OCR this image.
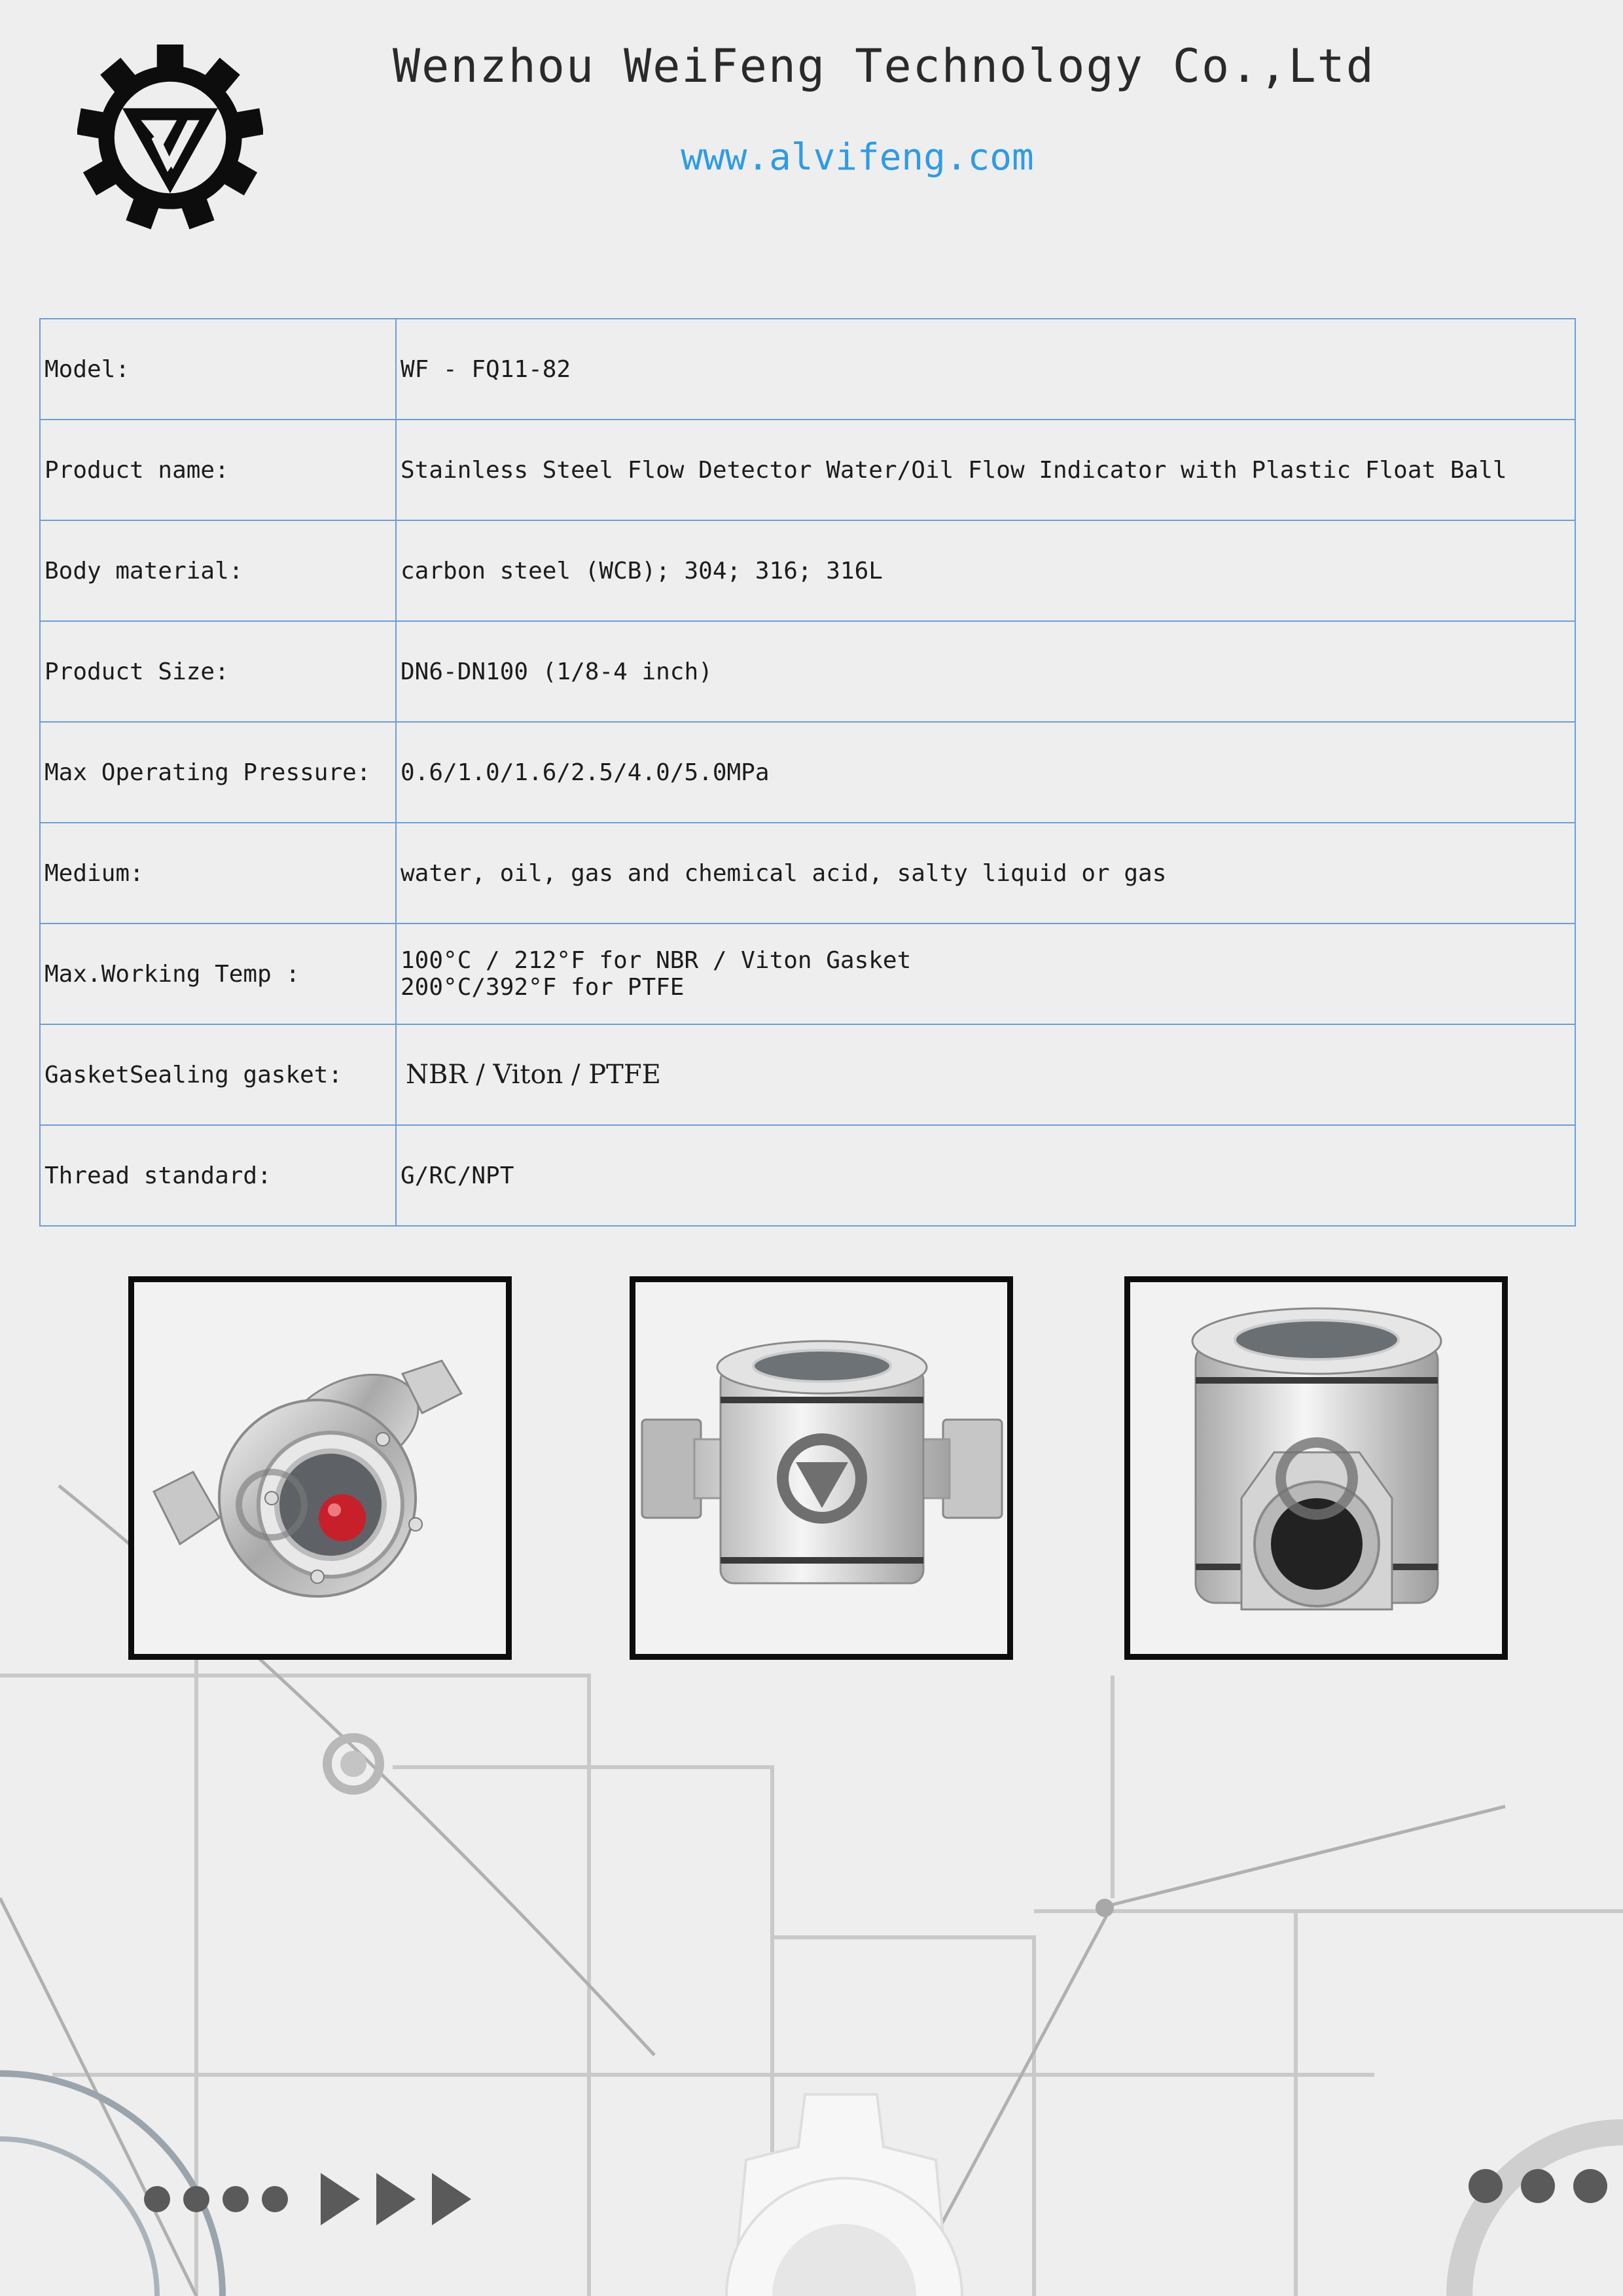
Wenzhou WeiFeng Technology Co.,Ltd
www.alvifeng.com
Model:	WF - FQ11-82
Product name:	Stainless Steel Flow Detector Water/Oil Flow Indicator with Plastic Float Ball
Body material:	carbon steel (WCB); 304; 316; 316L
Product Size:	DN6-DN100 (1/8-4 inch)
Max Operating Pressure:	0.6/1.0/1.6/2.5/4.0/5.0MPa
Medium:	water, oil, gas and chemical acid, salty liquid or gas
Max.Working Temp :	100°C / 212°F for NBR / Viton Gasket
200°C/392°F for PTFE

GasketSealing gasket:	NBR / Viton / PTFE
Thread standard:	G/RC/NPT
